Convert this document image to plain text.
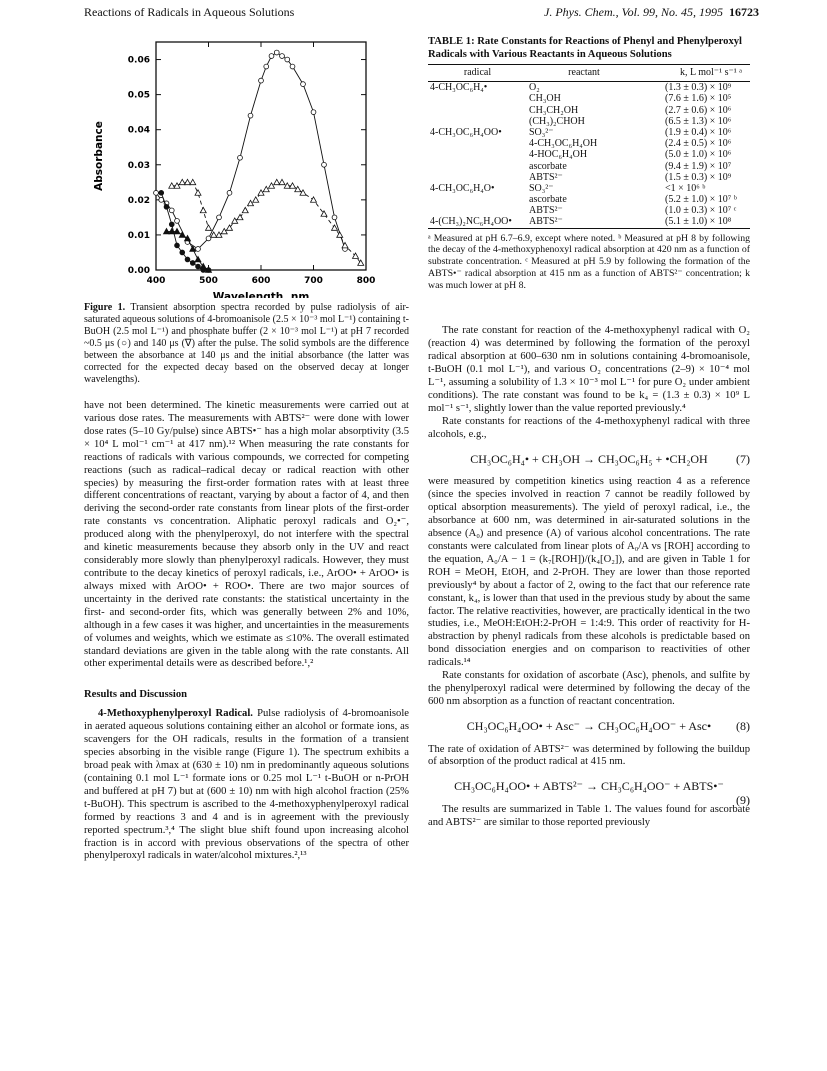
Reactions of Radicals in Aqueous Solutions	J. Phys. Chem., Vol. 99, No. 45, 1995 16723
400	500	600	700	800
0.00
0.01
0.02
0.03
0.04
0.05
0.06
Wavelength, nm
Absorbance
Figure 1. Transient absorption spectra recorded by pulse radiolysis of air-saturated aqueous solutions of 4-bromoanisole (2.5 × 10⁻³ mol L⁻¹) containing t-BuOH (2.5 mol L⁻¹) and phosphate buffer (2 × 10⁻³ mol L⁻¹) at pH 7 recorded ~0.5 μs (○) and 140 μs (∇) after the pulse. The solid symbols are the difference between the absorbance at 140 μs and the initial absorbance (the latter was corrected for the expected decay based on the observed decay at longer wavelengths).

have not been determined. The kinetic measurements were carried out at various dose rates. The measurements with ABTS²⁻ were done with lower dose rates (5–10 Gy/pulse) since ABTS•⁻ has a high molar absorptivity (3.5 × 10⁴ L mol⁻¹ cm⁻¹ at 417 nm).¹² When measuring the rate constants for reactions of radicals with various compounds, we corrected for competing reactions (such as radical–radical decay or radical reaction with other species) by measuring the first-order formation rates with at least three different concentrations of reactant, varying by about a factor of 4, and then deriving the second-order rate constants from linear plots of the first-order rate constants vs concentration. Aliphatic peroxyl radicals and O₂•⁻, produced along with the phenylperoxyl, do not interfere with the spectral and kinetic measurements because they absorb only in the UV and react considerably more slowly than phenylperoxyl radicals. However, they must contribute to the decay kinetics of peroxyl radicals, i.e., ArOO• + ArOO• is always mixed with ArOO• + ROO•. There are two major sources of uncertainty in the derived rate constants: the statistical uncertainty in the first- and second-order fits, which was generally between 2% and 10%, although in a few cases it was higher, and uncertainties in the measurements of volumes and weights, which we estimate as ≤10%. The overall estimated standard deviations are given in the table along with the rate constants. All other experimental details were as described before.¹,²

Results and Discussion

4-Methoxyphenylperoxyl Radical. Pulse radiolysis of 4-bromoanisole in aerated aqueous solutions containing either an alcohol or formate ions, as scavengers for the OH radicals, results in the formation of a transient species absorbing in the visible range (Figure 1). The spectrum exhibits a broad peak with λmax at (630 ± 10) nm in predominantly aqueous solutions (containing 0.1 mol L⁻¹ formate ions or 0.25 mol L⁻¹ t-BuOH or n-PrOH and buffered at pH 7) but at (600 ± 10) nm with high alcohol fraction (25% t-BuOH). This spectrum is ascribed to the 4-methoxyphenylperoxyl radical formed by reactions 3 and 4 and is in agreement with the previously reported spectrum.³,⁴ The slight blue shift found upon increasing alcohol fraction is in accord with previous observations of the spectra of other phenylperoxyl radicals in water/alcohol mixtures.²,¹³

TABLE 1: Rate Constants for Reactions of Phenyl and Phenylperoxyl Radicals with Various Reactants in Aqueous Solutions
radical	reactant	k, L mol⁻¹ s⁻¹ ᵃ
4-CH₃OC₆H₄•	O₂	(1.3 ± 0.3) × 10⁹
	CH₃OH	(7.6 ± 1.6) × 10⁵
	CH₃CH₂OH	(2.7 ± 0.6) × 10⁶
	(CH₃)₂CHOH	(6.5 ± 1.3) × 10⁶
4-CH₃OC₆H₄OO•	SO₃²⁻	(1.9 ± 0.4) × 10⁶
	4-CH₃OC₆H₄OH	(2.4 ± 0.5) × 10⁶
	4-HOC₆H₄OH	(5.0 ± 1.0) × 10⁶
	ascorbate	(9.4 ± 1.9) × 10⁷
	ABTS²⁻	(1.5 ± 0.3) × 10⁹
4-CH₃OC₆H₄O•	SO₃²⁻	<1 × 10⁶ ᵇ
	ascorbate	(5.2 ± 1.0) × 10⁷ ᵇ
	ABTS²⁻	(1.0 ± 0.3) × 10⁷ ᶜ
4-(CH₃)₂NC₆H₄OO•	ABTS²⁻	(5.1 ± 1.0) × 10⁸
ᵃ Measured at pH 6.7–6.9, except where noted. ᵇ Measured at pH 8 by following the decay of the 4-methoxyphenoxyl radical absorption at 420 nm as a function of substrate concentration. ᶜ Measured at pH 5.9 by following the formation of the ABTS•⁻ radical absorption at 415 nm as a function of ABTS²⁻ concentration; k was much lower at pH 8.

The rate constant for reaction of the 4-methoxyphenyl radical with O₂ (reaction 4) was determined by following the formation of the peroxyl radical absorption at 600–630 nm in solutions containing 4-bromoanisole, t-BuOH (0.1 mol L⁻¹), and various O₂ concentrations (2–9) × 10⁻⁴ mol L⁻¹, assuming a solubility of 1.3 × 10⁻³ mol L⁻¹ for pure O₂ under ambient conditions). The rate constant was found to be k₄ = (1.3 ± 0.3) × 10⁹ L mol⁻¹ s⁻¹, slightly lower than the value reported previously.⁴

Rate constants for reactions of the 4-methoxyphenyl radical with three alcohols, e.g.,

CH₃OC₆H₄• + CH₃OH → CH₃OC₆H₅ + •CH₂OH (7)

were measured by competition kinetics using reaction 4 as a reference (since the species involved in reaction 7 cannot be readily followed by optical absorption measurements). The yield of peroxyl radical, i.e., the absorbance at 600 nm, was determined in air-saturated solutions in the absence (A₀) and presence (A) of various alcohol concentrations. The rate constants were calculated from linear plots of A₀/A vs [ROH] according to the equation, A₀/A − 1 = (k₇[ROH])/(k₄[O₂]), and are given in Table 1 for ROH = MeOH, EtOH, and 2-PrOH. They are lower than those reported previously⁴ by about a factor of 2, owing to the fact that our reference rate constant, k₄, is lower than that used in the previous study by about the same factor. The relative reactivities, however, are practically identical in the two studies, i.e., MeOH:EtOH:2-PrOH = 1:4:9. This order of reactivity for H-abstraction by phenyl radicals from these alcohols is predictable based on bond dissociation energies and on comparison to reactivities of other radicals.¹⁴

Rate constants for oxidation of ascorbate (Asc), phenols, and sulfite by the phenylperoxyl radical were determined by following the decay of the 600 nm absorption as a function of reactant concentration.

CH₃OC₆H₄OO• + Asc⁻ → CH₃OC₆H₄OO⁻ + Asc• (8)

The rate of oxidation of ABTS²⁻ was determined by following the buildup of absorption of the product radical at 415 nm.

CH₃OC₆H₄OO• + ABTS²⁻ → CH₃C₆H₄OO⁻ + ABTS•⁻
(9)

The results are summarized in Table 1. The values found for ascorbate and ABTS²⁻ are similar to those reported previously
